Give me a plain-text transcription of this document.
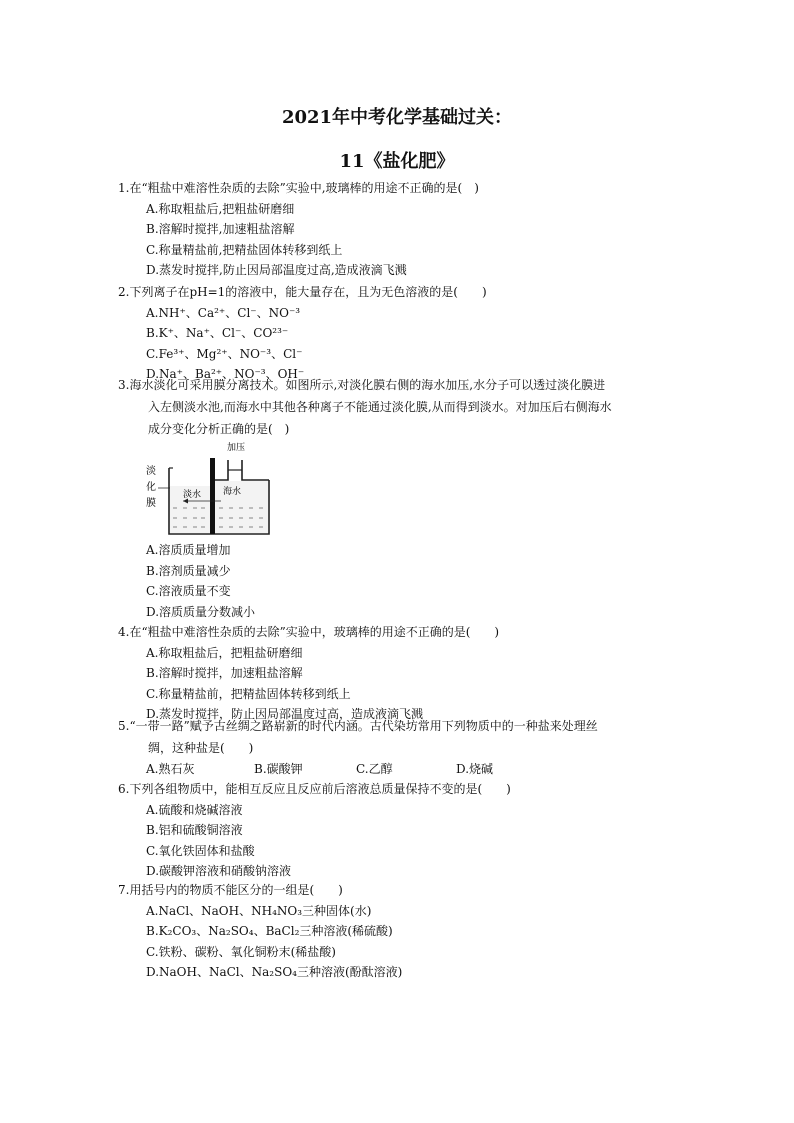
2021年中考化学基础过关：
11《盐化肥》

1.在“粗盐中难溶性杂质的去除”实验中,玻璃棒的用途不正确的是(　)

A.称取粗盐后,把粗盐研磨细

B.溶解时搅拌,加速粗盐溶解

C.称量精盐前,把精盐固体转移到纸上

D.蒸发时搅拌,防止因局部温度过高,造成液滴飞溅

2.下列离子在pH=1的溶液中，能大量存在，且为无色溶液的是(　　)

A.NH⁺、Ca²⁺、Cl⁻、NO⁻³

B.K⁺、Na⁺、Cl⁻、CO²³⁻

C.Fe³⁺、Mg²⁺、NO⁻³、Cl⁻

D.Na⁺、Ba²⁺、NO⁻³、OH⁻

3.海水淡化可采用膜分离技术。如图所示,对淡化膜右侧的海水加压,水分子可以透过淡化膜进

入左侧淡水池,而海水中其他各种离子不能通过淡化膜,从而得到淡水。对加压后右侧海水

成分变化分析正确的是(　)

淡
化
膜
加压
淡水 海水

A.溶质质量增加

B.溶剂质量减少

C.溶液质量不变

D.溶质质量分数减小

4.在“粗盐中难溶性杂质的去除”实验中，玻璃棒的用途不正确的是(　　)

A.称取粗盐后，把粗盐研磨细

B.溶解时搅拌，加速粗盐溶解

C.称量精盐前，把精盐固体转移到纸上

D.蒸发时搅拌，防止因局部温度过高，造成液滴飞溅

5.“一带一路”赋予古丝绸之路崭新的时代内涵。古代染坊常用下列物质中的一种盐来处理丝

绸，这种盐是(　　)

A.熟石灰	B.碳酸钾	C.乙醇	D.烧碱

6.下列各组物质中，能相互反应且反应前后溶液总质量保持不变的是(　　)

A.硫酸和烧碱溶液

B.铝和硫酸铜溶液

C.氧化铁固体和盐酸

D.碳酸钾溶液和硝酸钠溶液

7.用括号内的物质不能区分的一组是(　　)

A.NaCl、NaOH、NH₄NO₃三种固体(水)

B.K₂CO₃、Na₂SO₄、BaCl₂三种溶液(稀硫酸)

C.铁粉、碳粉、氧化铜粉末(稀盐酸)

D.NaOH、NaCl、Na₂SO₄三种溶液(酚酞溶液)
